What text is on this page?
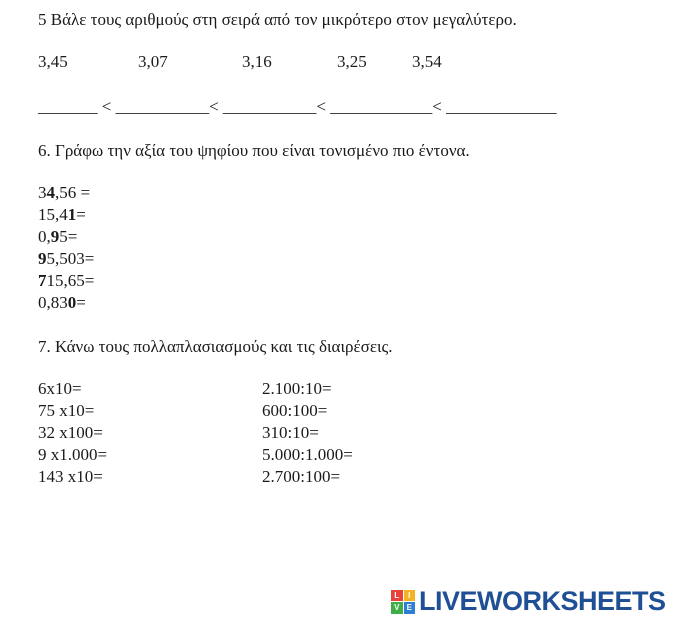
5 Βάλε τους αριθμούς στη σειρά από τον μικρότερο στον μεγαλύτερο.
3,45	3,07	3,16	3,25	3,54
_______ < ___________< ___________< ____________< _____________
6. Γράφω την αξία του ψηφίου που είναι τονισμένο πιο έντονα.
34,56 =
15,41=
0,95=
95,503=
715,65=
0,830=
7. Κάνω τους πολλαπλασιασμούς και τις διαιρέσεις.
6x10=
75 x10=
32 x100=
9 x1.000=
143 x10=
2.100:10=
600:100=
310:10=
5.000:1.000=
2.700:100=
L	I
V E LIVEWORKSHEETS
